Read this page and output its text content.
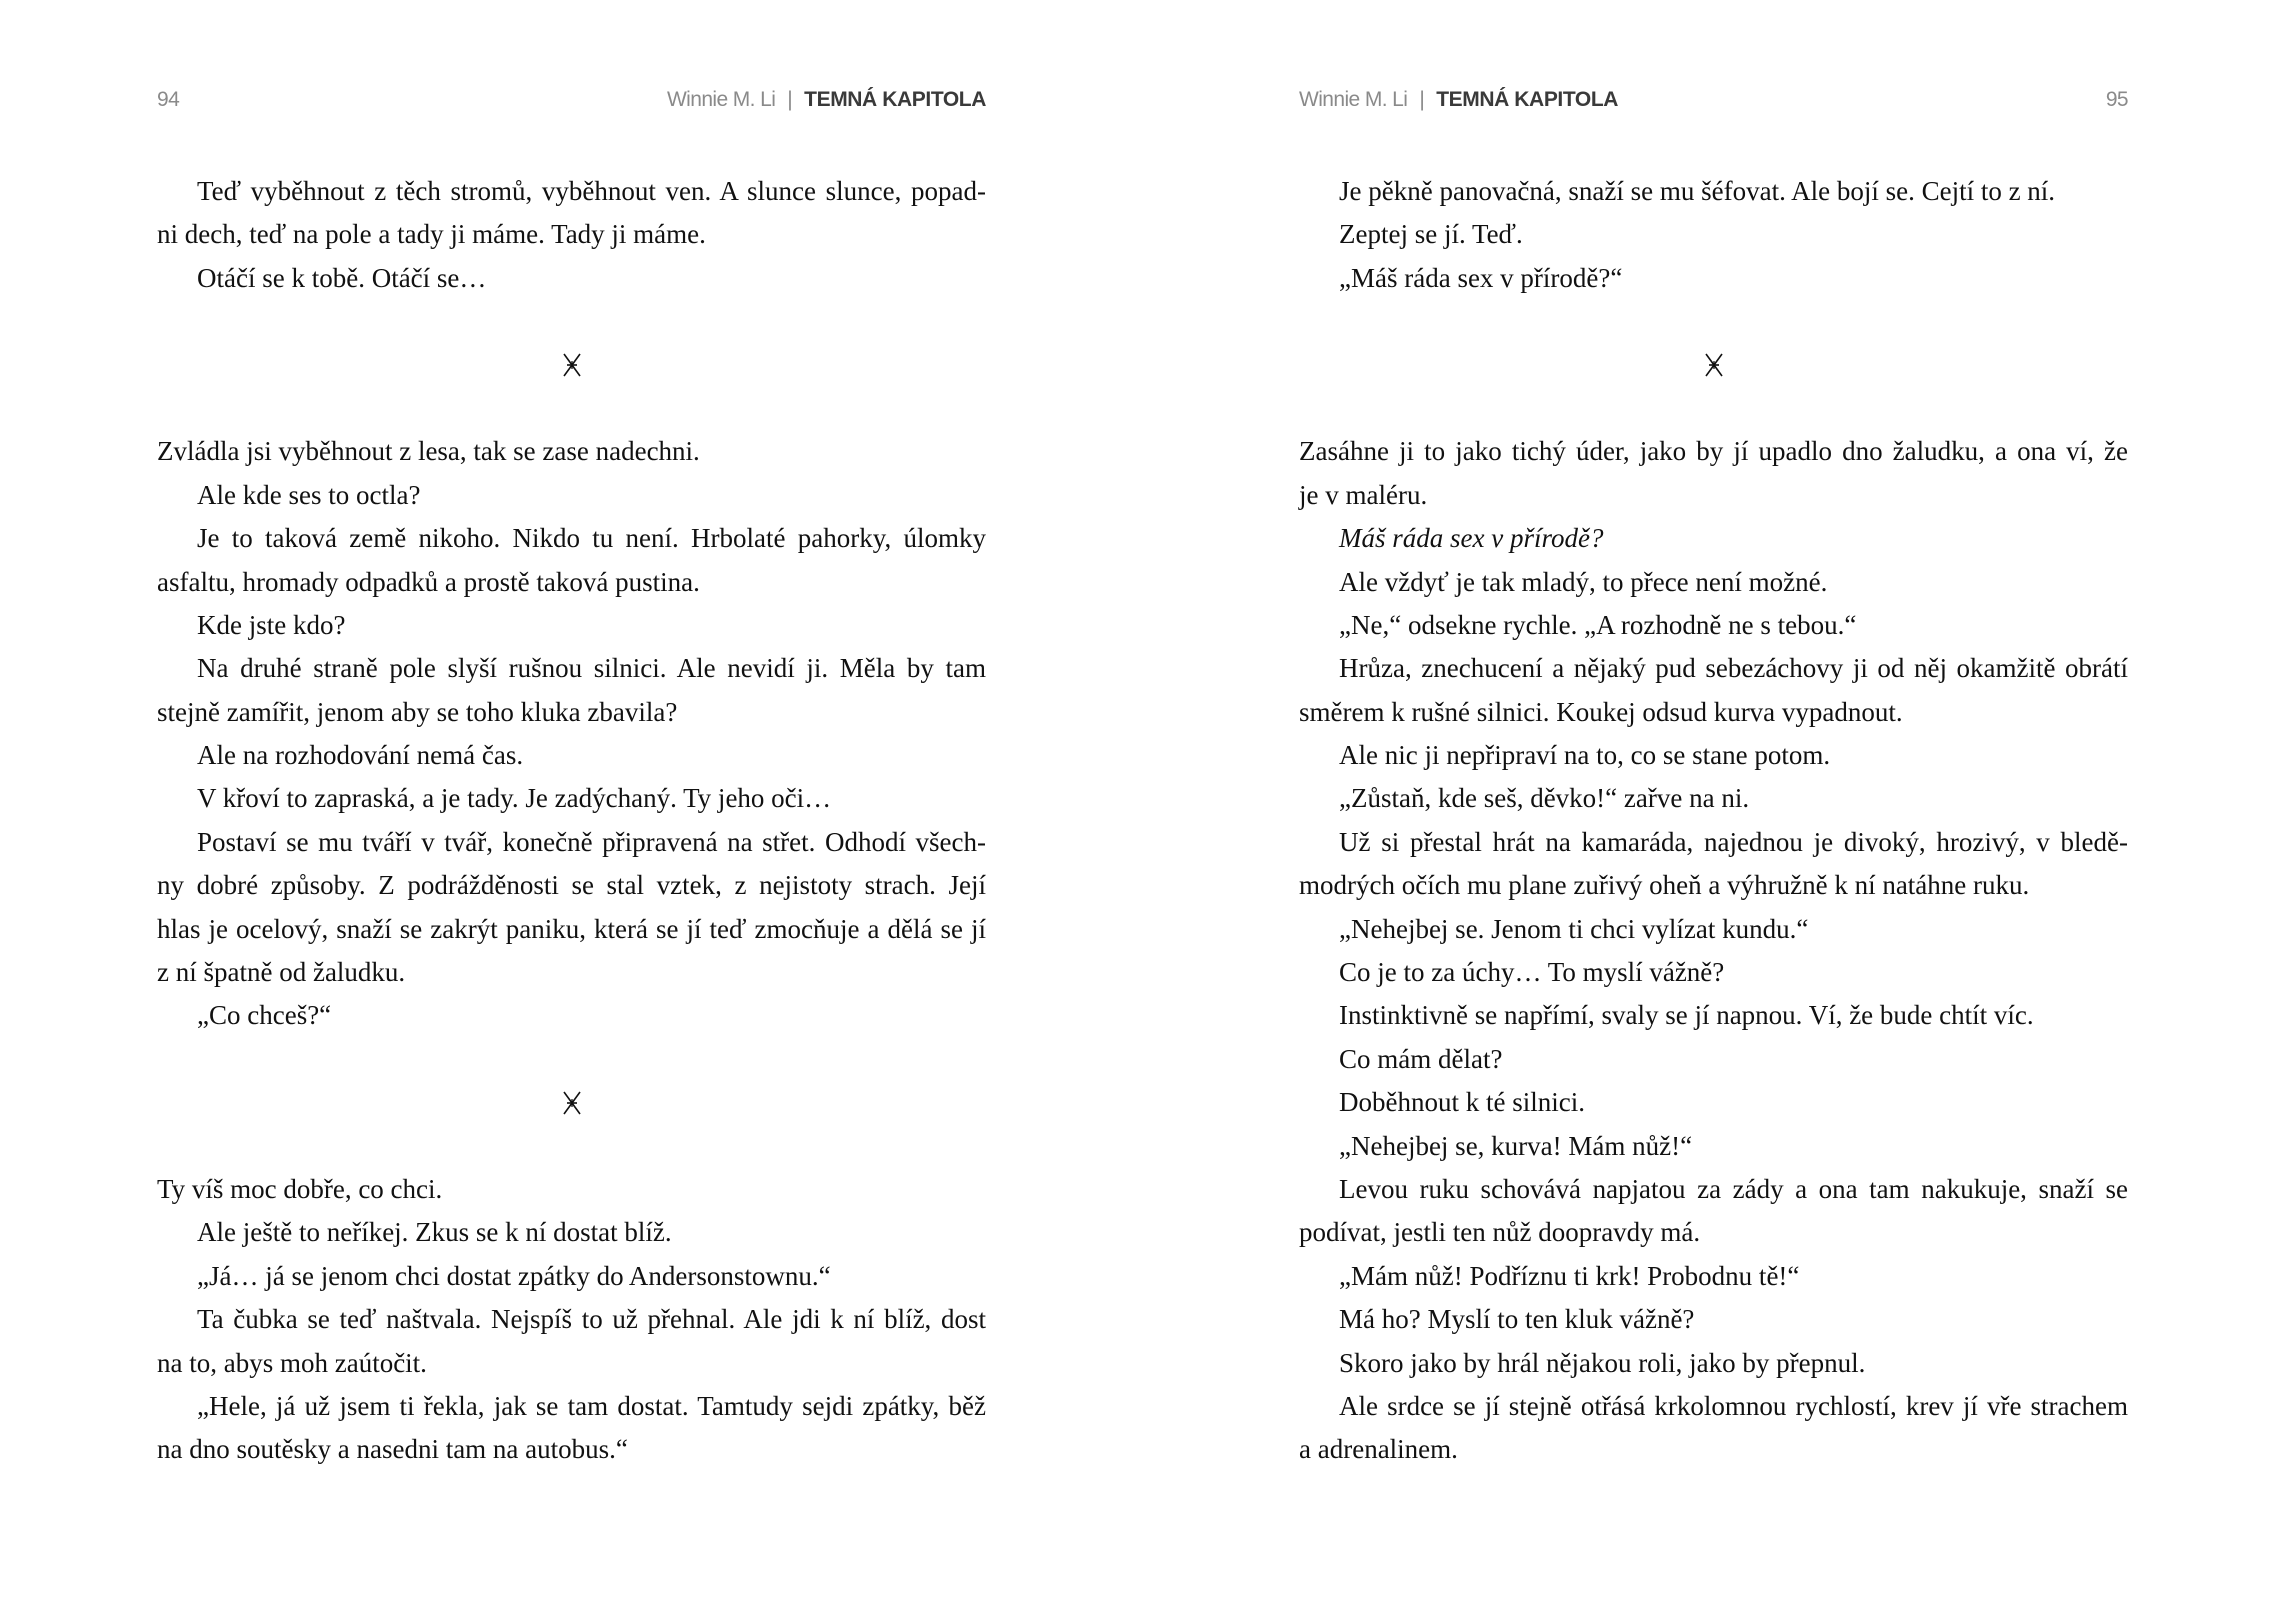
94	Winnie M. Li | TEMNÁ KAPITOLA
Teď vyběhnout z těch stromů, vyběhnout ven. A slunce slunce, popad-
ni dech, teď na pole a tady ji máme. Tady ji máme.
Otáčí se k tobě. Otáčí se…
Zvládla jsi vyběhnout z lesa, tak se zase nadechni.
Ale kde ses to octla?
Je to taková země nikoho. Nikdo tu není. Hrbolaté pahorky, úlomky
asfaltu, hromady odpadků a prostě taková pustina.
Kde jste kdo?
Na druhé straně pole slyší rušnou silnici. Ale nevidí ji. Měla by tam
stejně zamířit, jenom aby se toho kluka zbavila?
Ale na rozhodování nemá čas.
V křoví to zapraská, a je tady. Je zadýchaný. Ty jeho oči…
Postaví se mu tváří v tvář, konečně připravená na střet. Odhodí všech-
ny dobré způsoby. Z podrážděnosti se stal vztek, z nejistoty strach. Její
hlas je ocelový, snaží se zakrýt paniku, která se jí teď zmocňuje a dělá se jí
z ní špatně od žaludku.
„Co chceš?“
Ty víš moc dobře, co chci.
Ale ještě to neříkej. Zkus se k ní dostat blíž.
„Já… já se jenom chci dostat zpátky do Andersonstownu.“
Ta čubka se teď naštvala. Nejspíš to už přehnal. Ale jdi k ní blíž, dost
na to, abys moh zaútočit.
„Hele, já už jsem ti řekla, jak se tam dostat. Tamtudy sejdi zpátky, běž
na dno soutěsky a nasedni tam na autobus.“
Winnie M. Li | TEMNÁ KAPITOLA	95
Je pěkně panovačná, snaží se mu šéfovat. Ale bojí se. Cejtí to z ní.
Zeptej se jí. Teď.
„Máš ráda sex v přírodě?“
Zasáhne ji to jako tichý úder, jako by jí upadlo dno žaludku, a ona ví, že
je v maléru.
Máš ráda sex v přírodě?
Ale vždyť je tak mladý, to přece není možné.
„Ne,“ odsekne rychle. „A rozhodně ne s tebou.“
Hrůza, znechucení a nějaký pud sebezáchovy ji od něj okamžitě obrátí
směrem k rušné silnici. Koukej odsud kurva vypadnout.
Ale nic ji nepřipraví na to, co se stane potom.
„Zůstaň, kde seš, děvko!“ zařve na ni.
Už si přestal hrát na kamaráda, najednou je divoký, hrozivý, v bledě-
modrých očích mu plane zuřivý oheň a výhružně k ní natáhne ruku.
„Nehejbej se. Jenom ti chci vylízat kundu.“
Co je to za úchy… To myslí vážně?
Instinktivně se napřímí, svaly se jí napnou. Ví, že bude chtít víc.
Co mám dělat?
Doběhnout k té silnici.
„Nehejbej se, kurva! Mám nůž!“
Levou ruku schovává napjatou za zády a ona tam nakukuje, snaží se
podívat, jestli ten nůž doopravdy má.
„Mám nůž! Podříznu ti krk! Probodnu tě!“
Má ho? Myslí to ten kluk vážně?
Skoro jako by hrál nějakou roli, jako by přepnul.
Ale srdce se jí stejně otřásá krkolomnou rychlostí, krev jí vře strachem
a adrenalinem.
